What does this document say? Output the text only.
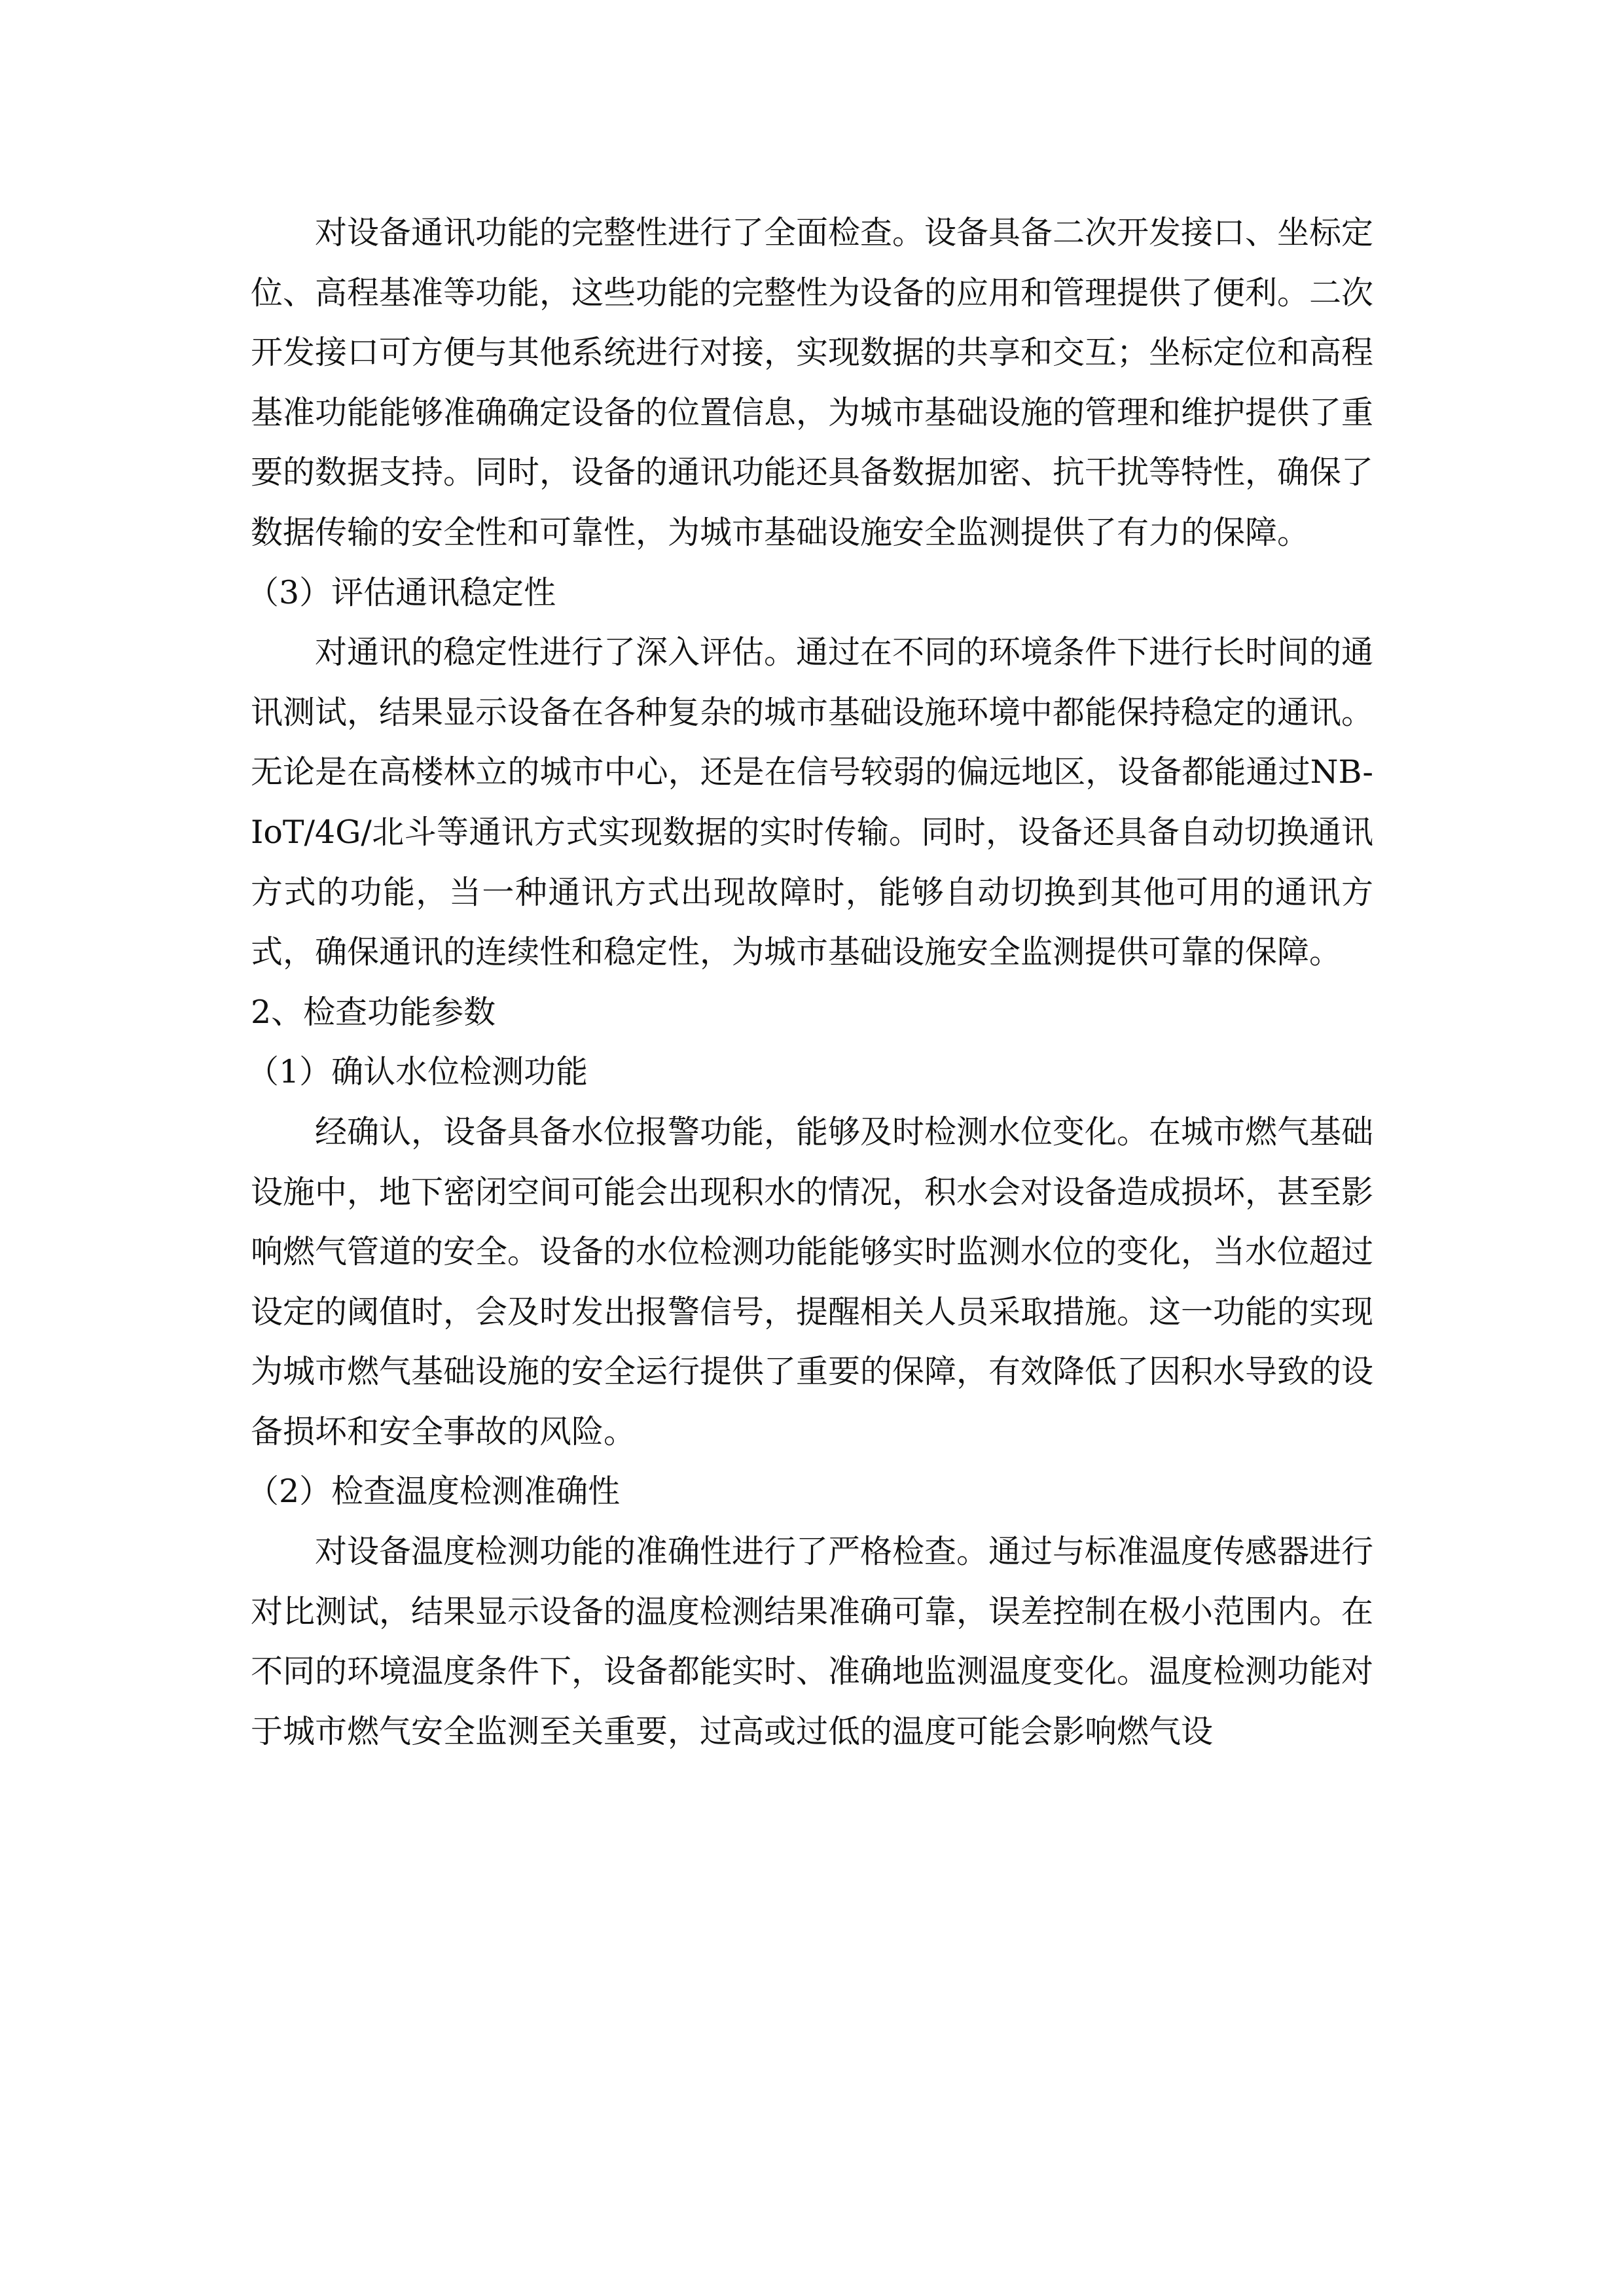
对设备通讯功能的完整性进行了全面检查。设备具备二次开发接口、坐标定位、高程基准等功能，这些功能的完整性为设备的应用和管理提供了便利。二次开发接口可方便与其他系统进行对接，实现数据的共享和交互；坐标定位和高程基准功能能够准确确定设备的位置信息，为城市基础设施的管理和维护提供了重要的数据支持。同时，设备的通讯功能还具备数据加密、抗干扰等特性，确保了数据传输的安全性和可靠性，为城市基础设施安全监测提供了有力的保障。

（3）评估通讯稳定性

对通讯的稳定性进行了深入评估。通过在不同的环境条件下进行长时间的通讯测试，结果显示设备在各种复杂的城市基础设施环境中都能保持稳定的通讯。无论是在高楼林立的城市中心，还是在信号较弱的偏远地区，设备都能通过NB-IoT/4G/北斗等通讯方式实现数据的实时传输。同时，设备还具备自动切换通讯方式的功能，当一种通讯方式出现故障时，能够自动切换到其他可用的通讯方式，确保通讯的连续性和稳定性，为城市基础设施安全监测提供可靠的保障。

2、检查功能参数

（1）确认水位检测功能

经确认，设备具备水位报警功能，能够及时检测水位变化。在城市燃气基础设施中，地下密闭空间可能会出现积水的情况，积水会对设备造成损坏，甚至影响燃气管道的安全。设备的水位检测功能能够实时监测水位的变化，当水位超过设定的阈值时，会及时发出报警信号，提醒相关人员采取措施。这一功能的实现为城市燃气基础设施的安全运行提供了重要的保障，有效降低了因积水导致的设备损坏和安全事故的风险。

（2）检查温度检测准确性

对设备温度检测功能的准确性进行了严格检查。通过与标准温度传感器进行对比测试，结果显示设备的温度检测结果准确可靠，误差控制在极小范围内。在不同的环境温度条件下，设备都能实时、准确地监测温度变化。温度检测功能对于城市燃气安全监测至关重要，过高或过低的温度可能会影响燃气设
